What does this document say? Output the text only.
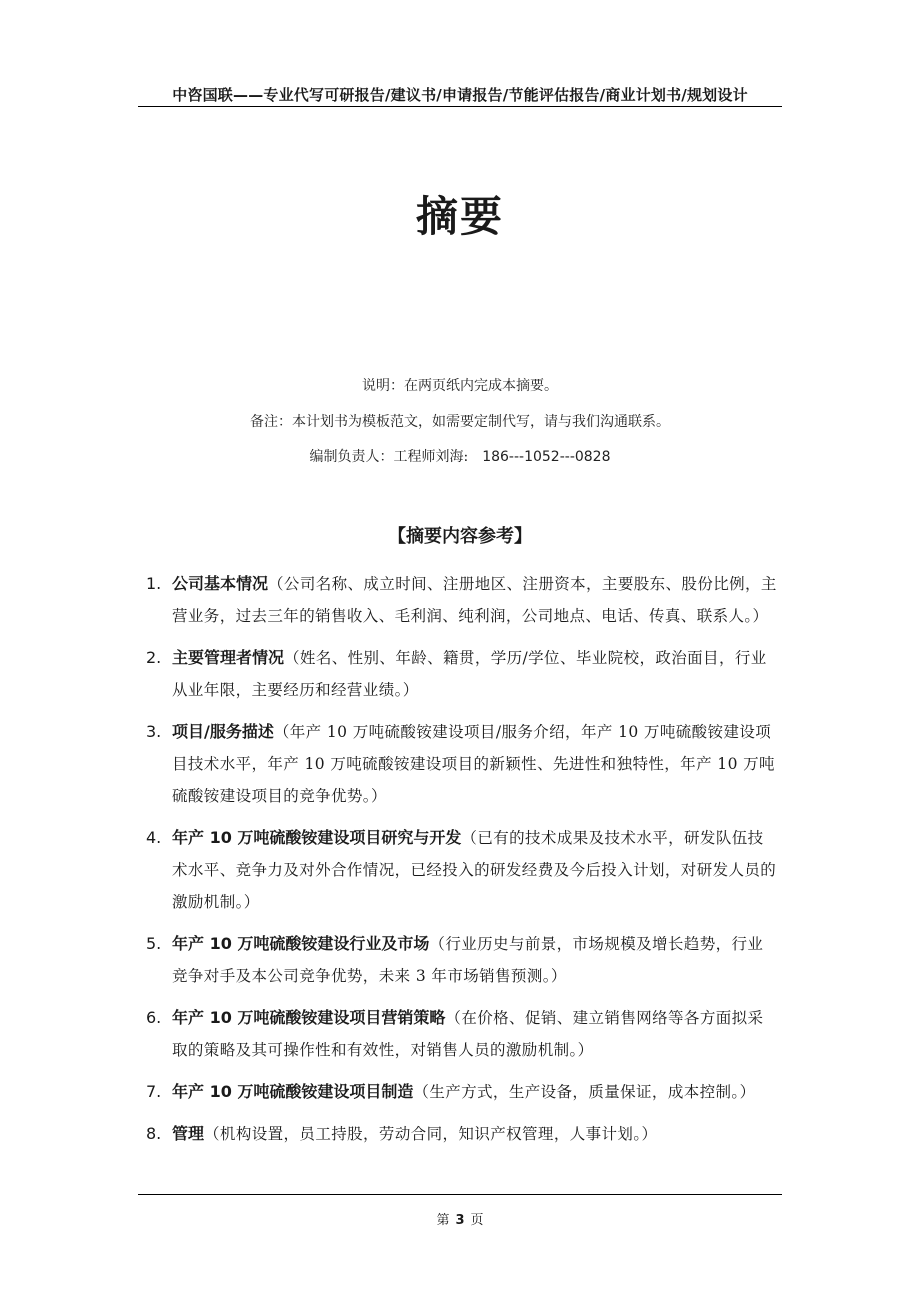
中咨国联——专业代写可研报告/建议书/申请报告/节能评估报告/商业计划书/规划设计
摘要
说明：在两页纸内完成本摘要。
备注：本计划书为模板范文，如需要定制代写，请与我们沟通联系。
编制负责人：工程师刘海: 186---1052---0828
【摘要内容参考】
1. 公司基本情况（公司名称、成立时间、注册地区、注册资本，主要股东、股份比例，主营业务，过去三年的销售收入、毛利润、纯利润，公司地点、电话、传真、联系人。）
2. 主要管理者情况（姓名、性别、年龄、籍贯，学历/学位、毕业院校，政治面目，行业从业年限，主要经历和经营业绩。）
3. 项目/服务描述（年产 10 万吨硫酸铵建设项目/服务介绍，年产 10 万吨硫酸铵建设项目技术水平，年产 10 万吨硫酸铵建设项目的新颖性、先进性和独特性，年产 10 万吨硫酸铵建设项目的竞争优势。）
4. 年产 10 万吨硫酸铵建设项目研究与开发（已有的技术成果及技术水平，研发队伍技术水平、竞争力及对外合作情况，已经投入的研发经费及今后投入计划，对研发人员的激励机制。）
5. 年产 10 万吨硫酸铵建设行业及市场（行业历史与前景，市场规模及增长趋势，行业竞争对手及本公司竞争优势，未来 3 年市场销售预测。）
6. 年产 10 万吨硫酸铵建设项目营销策略（在价格、促销、建立销售网络等各方面拟采取的策略及其可操作性和有效性，对销售人员的激励机制。）
7. 年产 10 万吨硫酸铵建设项目制造（生产方式，生产设备，质量保证，成本控制。）
8. 管理（机构设置，员工持股，劳动合同，知识产权管理，人事计划。）
第 3 页
